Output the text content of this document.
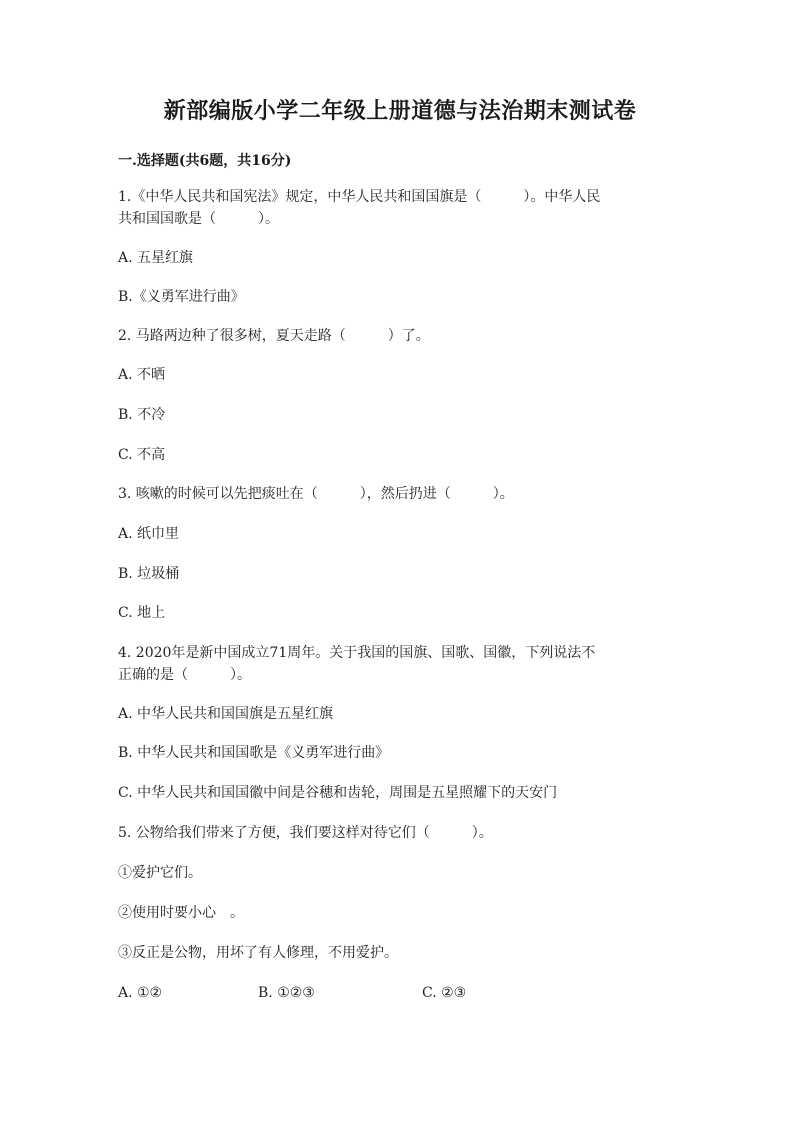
新部编版小学二年级上册道德与法治期末测试卷
一.选择题(共6题，共16分)
1.《中华人民共和国宪法》规定，中华人民共和国国旗是（　　　）。中华人民
共和国国歌是（　　　）。
A. 五星红旗
B.《义勇军进行曲》
2. 马路两边种了很多树，夏天走路（　　　）了。
A. 不晒
B. 不冷
C. 不高
3. 咳嗽的时候可以先把痰吐在（　　　），然后扔进（　　　）。
A. 纸巾里
B. 垃圾桶
C. 地上
4. 2020年是新中国成立71周年。关于我国的国旗、国歌、国徽，下列说法不
正确的是（　　　）。
A. 中华人民共和国国旗是五星红旗
B. 中华人民共和国国歌是《义勇军进行曲》
C. 中华人民共和国国徽中间是谷穗和齿轮，周围是五星照耀下的天安门
5. 公物给我们带来了方便，我们要这样对待它们（　　　）。
①爱护它们。
②使用时要小心　。
③反正是公物，用坏了有人修理，不用爱护。
A. ①②	B. ①②③	C. ②③
